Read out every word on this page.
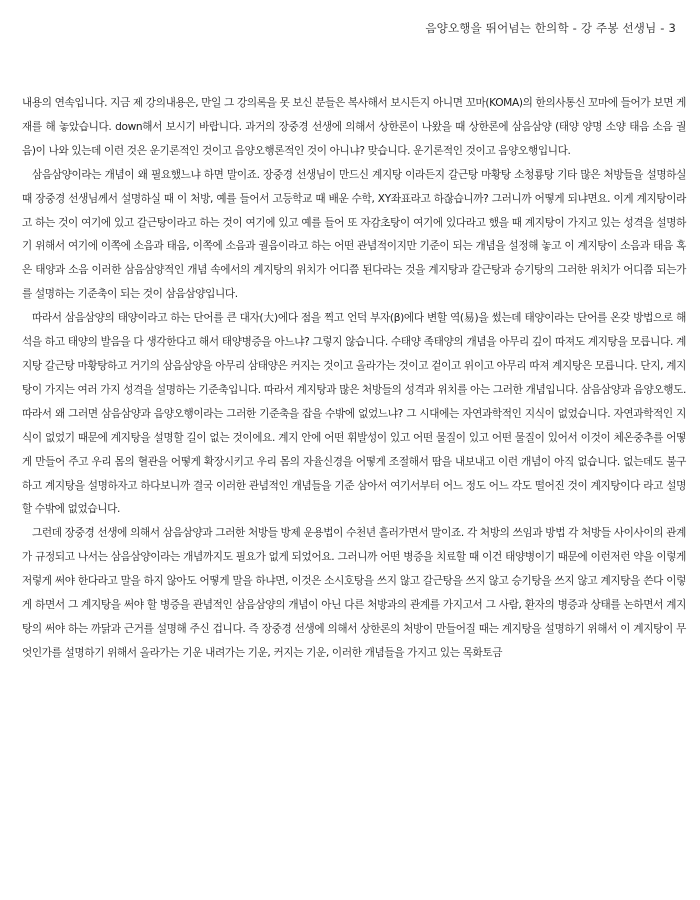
음양오행을 뛰어넘는 한의학 - 강 주봉 선생님 - 3

내용의 연속입니다. 지금 제 강의내용은, 만일 그 강의록을 못 보신 분들은 복사해서 보시든지 아니면 꼬마(KOMA)의 한의사통신 꼬마에 들어가 보면 게재를 해 놓았습니다. down해서 보시기 바랍니다. 과거의 장중경 선생에 의해서 상한론이 나왔을 때 상한론에 삼음삼양 (태양 양명 소양 태음 소음 궐음)이 나와 있는데 이런 것은 운기론적인 것이고 음양오행론적인 것이 아니냐? 맞습니다. 운기론적인 것이고 음양오행입니다.

삼음삼양이라는 개념이 왜 필요했느냐 하면 말이죠. 장중경 선생님이 만드신 계지탕 이라든지 갈근탕 마황탕 소청룡탕 기타 많은 처방들을 설명하실 때 장중경 선생님께서 설명하실 때 이 처방, 예를 들어서 고등학교 때 배운 수학, XY좌표라고 하잖습니까? 그러니까 어떻게 되냐면요. 이게 계지탕이라고 하는 것이 여기에 있고 갈근탕이라고 하는 것이 여기에 있고 예를 들어 또 자감초탕이 여기에 있다라고 했을 때 계지탕이 가지고 있는 성격을 설명하기 위해서 여기에 이쪽에 소음과 태음, 이쪽에 소음과 궐음이라고 하는 어떤 관념적이지만 기준이 되는 개념을 설정해 놓고 이 계지탕이 소음과 태음 혹은 태양과 소음 이러한 삼음삼양적인 개념 속에서의 계지탕의 위치가 어디쯤 된다라는 것을 계지탕과 갈근탕과 승기탕의 그러한 위치가 어디쯤 되는가를 설명하는 기준축이 되는 것이 삼음삼양입니다.

따라서 삼음삼양의 태양이라고 하는 단어를 큰 대자(大)에다 점을 찍고 언덕 부자(β)에다 변할 역(易)을 썼는데 태양이라는 단어를 온갖 방법으로 해석을 하고 태양의 발음을 다 생각한다고 해서 태양병증을 아느냐? 그렇지 않습니다. 수태양 족태양의 개념을 아무리 깊이 따져도 계지탕을 모릅니다. 계지탕 갈근탕 마황탕하고 거기의 삼음삼양을 아무리 삼태양은 커지는 것이고 올라가는 것이고 겉이고 위이고 아무리 따져 계지탕은 모릅니다. 단지, 계지탕이 가지는 여러 가지 성격을 설명하는 기준축입니다. 따라서 계지탕과 많은 처방들의 성격과 위치를 아는 그러한 개념입니다. 삼음삼양과 음양오행도. 따라서 왜 그러면 삼음삼양과 음양오행이라는 그러한 기준축을 잡을 수밖에 없었느냐? 그 시대에는 자연과학적인 지식이 없었습니다. 자연과학적인 지식이 없었기 때문에 계지탕을 설명할 길이 없는 것이에요. 계지 안에 어떤 휘발성이 있고 어떤 물질이 있고 어떤 물질이 있어서 이것이 체온중추를 어떻게 만들어 주고 우리 몸의 혈관을 어떻게 확장시키고 우리 몸의 자율신경을 어떻게 조절해서 땀을 내보내고 이런 개념이 아직 없습니다. 없는데도 불구하고 계지탕을 설명하자고 하다보니까 결국 이러한 관념적인 개념들을 기준 삼아서 여기서부터 어느 정도 어느 각도 떨어진 것이 계지탕이다 라고 설명할 수밖에 없었습니다.

그런데 장중경 선생에 의해서 삼음삼양과 그러한 처방들 방제 운용법이 수천년 흘러가면서 말이죠. 각 처방의 쓰임과 방법 각 처방들 사이사이의 관계가 규정되고 나서는 삼음삼양이라는 개념까지도 필요가 없게 되었어요. 그러니까 어떤 병증을 치료할 때 이건 태양병이기 때문에 이런저런 약을 이렇게 저렇게 써야 한다라고 말을 하지 않아도 어떻게 말을 하냐면, 이것은 소시호탕을 쓰지 않고 갈근탕을 쓰지 않고 승기탕을 쓰지 않고 계지탕을 쓴다 이렇게 하면서 그 계지탕을 써야 할 병증을 관념적인 삼음삼양의 개념이 아닌 다른 처방과의 관계를 가지고서 그 사람, 환자의 병증과 상태를 논하면서 계지탕의 써야 하는 까닭과 근거를 설명해 주신 겁니다. 즉 장중경 선생에 의해서 상한론의 처방이 만들어질 때는 계지탕을 설명하기 위해서 이 계지탕이 무엇인가를 설명하기 위해서 올라가는 기운 내려가는 기운, 커지는 기운, 이러한 개념들을 가지고 있는 목화토금
